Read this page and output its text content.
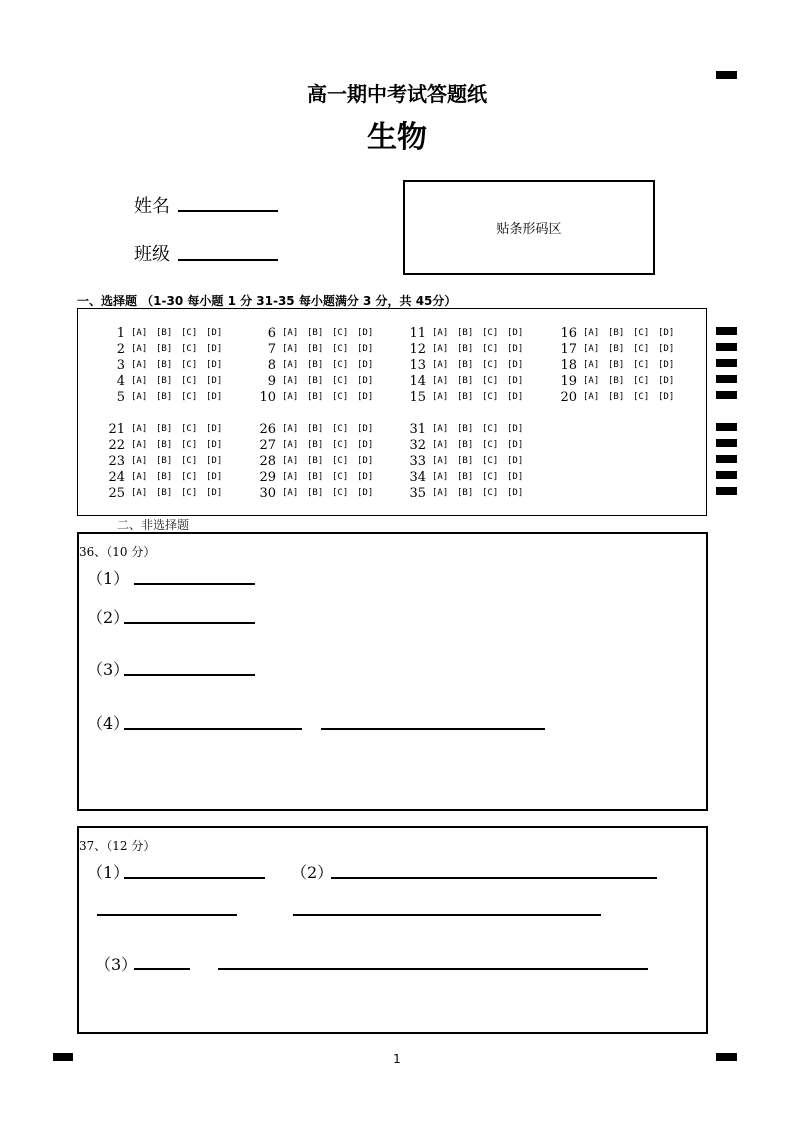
高一期中考试答题纸
生物
姓名
班级
贴条形码区
一、选择题 （1-30 每小题 1 分 31-35 每小题满分 3 分，共 45分）
1 [A] [B] [C] [D]
2 [A] [B] [C] [D]
3 [A] [B] [C] [D]
4 [A] [B] [C] [D]
5 [A] [B] [C] [D]
6 [A] [B] [C] [D]
7 [A] [B] [C] [D]
8 [A] [B] [C] [D]
9 [A] [B] [C] [D]
10 [A] [B] [C] [D]
11 [A] [B] [C] [D]
12 [A] [B] [C] [D]
13 [A] [B] [C] [D]
14 [A] [B] [C] [D]
15 [A] [B] [C] [D]
16 [A] [B] [C] [D]
17 [A] [B] [C] [D]
18 [A] [B] [C] [D]
19 [A] [B] [C] [D]
20 [A] [B] [C] [D]
21 [A] [B] [C] [D]
22 [A] [B] [C] [D]
23 [A] [B] [C] [D]
24 [A] [B] [C] [D]
25 [A] [B] [C] [D]
26 [A] [B] [C] [D]
27 [A] [B] [C] [D]
28 [A] [B] [C] [D]
29 [A] [B] [C] [D]
30 [A] [B] [C] [D]
31 [A] [B] [C] [D]
32 [A] [B] [C] [D]
33 [A] [B] [C] [D]
34 [A] [B] [C] [D]
35 [A] [B] [C] [D]
二、非选择题
36、（10 分）
（1）
（2）
（3）
（4）
37、（12 分）
（1）	（2）
（3）
1
